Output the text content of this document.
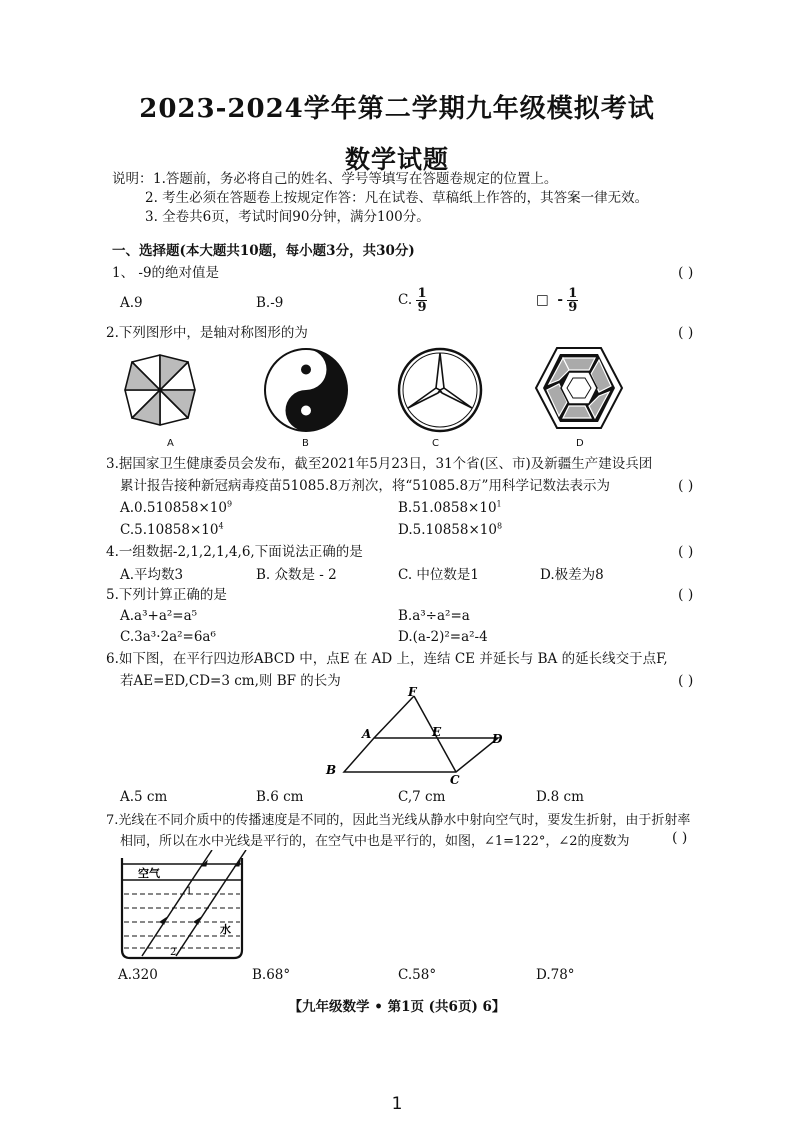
2023-2024学年第二学期九年级模拟考试
数学试题
说明： 1.答题前，务必将自己的姓名、学号等填写在答题卷规定的位置上。
2. 考生必须在答题卷上按规定作答：凡在试卷、草稿纸上作答的，其答案一律无效。
3. 全卷共6页，考试时间90分钟，满分100分。
一、选择题(本大题共10题，每小题3分，共30分)
1、 -9的绝对值是	( )
A.9	B.-9	C. $\frac{1}{9}$	□ - $\frac{1}{9}$
2.下列图形中，是轴对称图形的为	( )
A	B	C	D
3.据国家卫生健康委员会发布，截至2021年5月23日，31个省(区、市)及新疆生产建设兵团
累计报告接种新冠病毒疫苗51085.8万剂次，将“51085.8万”用科学记数法表示为	( )
$A.0.510858\times 10^9$	$B.51.0858\times 10^1$
$C.5.10858\times 10^4$	$D.5.10858\times 10^8$
4.一组数据-2,1,2,1,4,6,下面说法正确的是	( )
A.平均数3	B. 众数是 - 2	C. 中位数是1	D.极差为8
5.下列计算正确的是	( )
A.a³+a²=a⁵	B.a³÷a²=a
C.3a³·2a²=6a⁶	D.(a-2)²=a²-4
6.如下图，在平行四边形ABCD 中，点E 在 AD 上，连结 CE 并延长与 BA 的延长线交于点F,
若AE=ED,CD=3 cm,则 BF 的长为	( )
F
A	E	D
B
C
A.5 cm	B.6 cm	C,7 cm	D.8 cm
7.光线在不同介质中的传播速度是不同的，因此当光线从静水中射向空气时，要发生折射，由于折射率
相同，所以在水中光线是平行的，在空气中也是平行的，如图，∠1=122°，∠2的度数为	( )
空气
水
1
2
A.320	B.68°	C.58°	D.78°
【九年级数学 • 第1页 (共6页) 6】
1
